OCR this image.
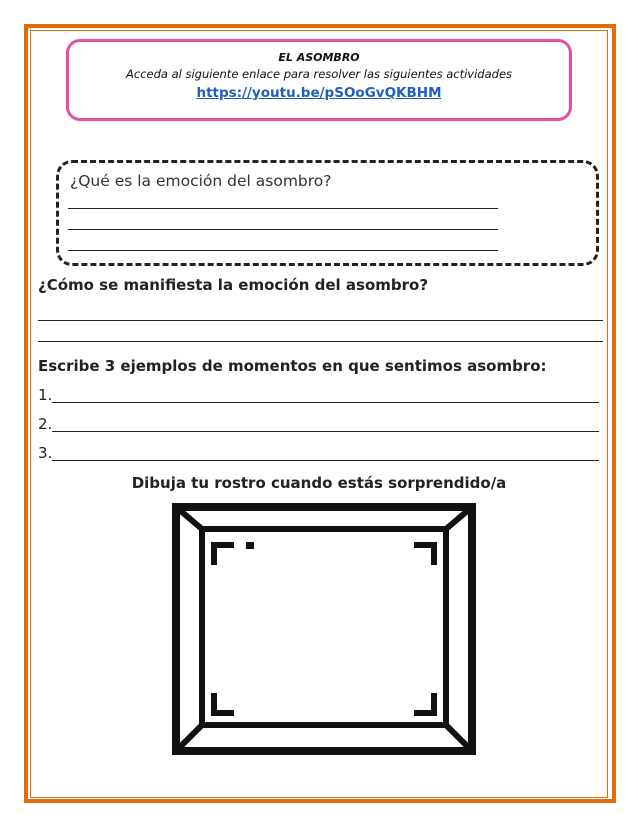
EL ASOMBRO
Acceda al siguiente enlace para resolver las siguientes actividades
https://youtu.be/pSOoGvQKBHM
¿Qué es la emoción del asombro?
¿Cómo se manifiesta la emoción del asombro?
Escribe 3 ejemplos de momentos en que sentimos asombro:
1.
2.
3.
Dibuja tu rostro cuando estás sorprendido/a
